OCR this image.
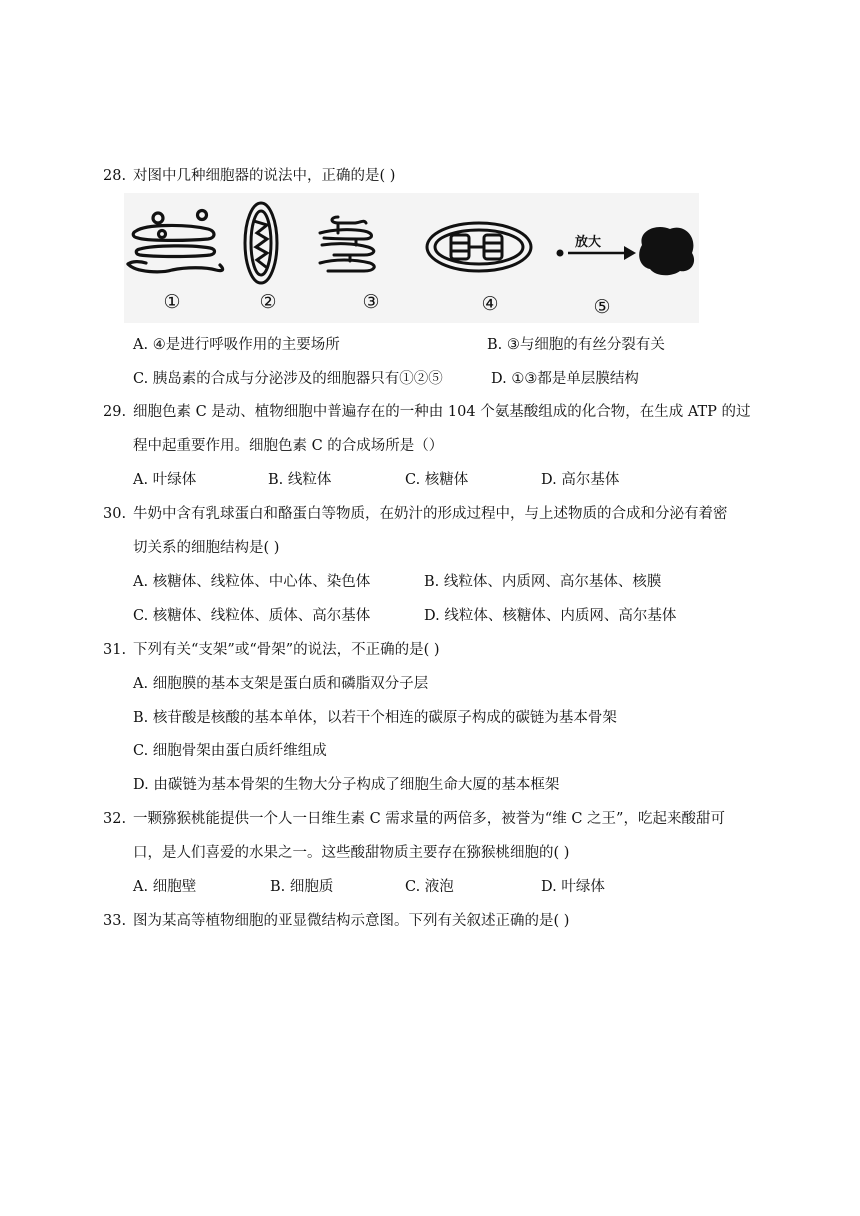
28. 对图中几种细胞器的说法中，正确的是( )
放大
①	②	③	④	⑤
A. ④是进行呼吸作用的主要场所	B. ③与细胞的有丝分裂有关
C. 胰岛素的合成与分泌涉及的细胞器只有①②⑤	D. ①③都是单层膜结构
29. 细胞色素 C 是动、植物细胞中普遍存在的一种由 104 个氨基酸组成的化合物，在生成 ATP 的过
程中起重要作用。细胞色素 C 的合成场所是（）
A. 叶绿体	B. 线粒体	C. 核糖体	D. 高尔基体
30. 牛奶中含有乳球蛋白和酪蛋白等物质，在奶汁的形成过程中，与上述物质的合成和分泌有着密
切关系的细胞结构是( )
A. 核糖体、线粒体、中心体、染色体	B. 线粒体、内质网、高尔基体、核膜
C. 核糖体、线粒体、质体、高尔基体	D. 线粒体、核糖体、内质网、高尔基体
31. 下列有关“支架”或“骨架”的说法，不正确的是( )
A. 细胞膜的基本支架是蛋白质和磷脂双分子层
B. 核苷酸是核酸的基本单体，以若干个相连的碳原子构成的碳链为基本骨架
C. 细胞骨架由蛋白质纤维组成
D. 由碳链为基本骨架的生物大分子构成了细胞生命大厦的基本框架
32. 一颗猕猴桃能提供一个人一日维生素 C 需求量的两倍多，被誉为“维 C 之王”，吃起来酸甜可
口，是人们喜爱的水果之一。这些酸甜物质主要存在猕猴桃细胞的( )
A. 细胞壁	B. 细胞质	C. 液泡	D. 叶绿体
33. 图为某高等植物细胞的亚显微结构示意图。下列有关叙述正确的是( )
